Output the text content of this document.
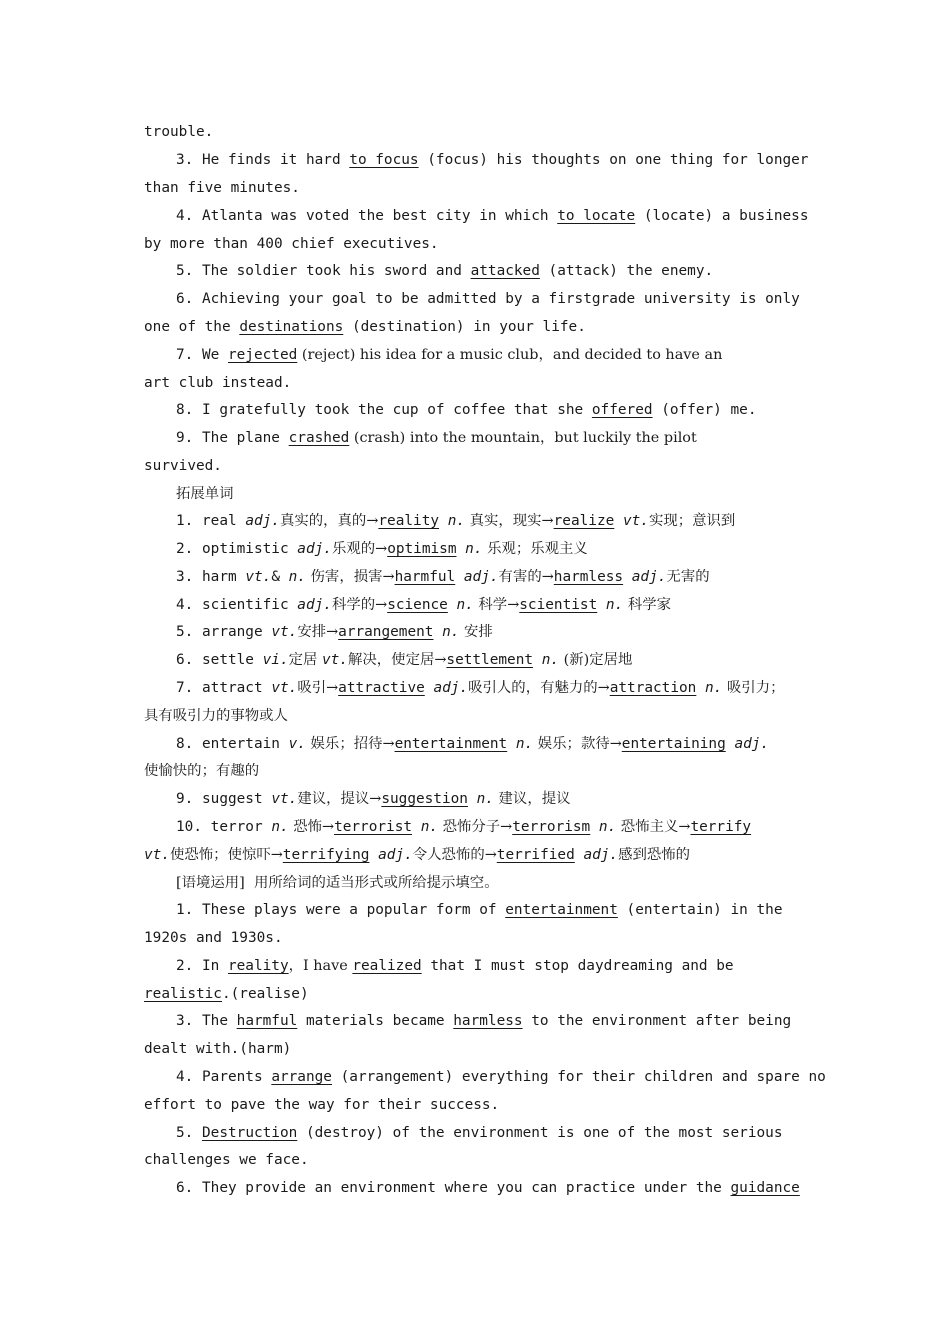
trouble.
3. He finds it hard to focus (focus) his thoughts on one thing for longer
than five minutes.
4. Atlanta was voted the best city in which to locate (locate) a business
by more than 400 chief executives.
5. The soldier took his sword and attacked (attack) the enemy.
6. Achieving your goal to be admitted by a firstgrade university is only
one of the destinations (destination) in your life.
7. We rejected (reject) his idea for a music club，and decided to have an
art club instead.
8. I gratefully took the cup of coffee that she offered (offer) me.
9. The plane crashed (crash) into the mountain，but luckily the pilot
survived.
拓展单词
1. real adj.真实的，真的→reality n. 真实，现实→realize vt.实现；意识到
2. optimistic adj.乐观的→optimism n. 乐观；乐观主义
3. harm vt.& n. 伤害，损害→harmful adj.有害的→harmless adj.无害的
4. scientific adj.科学的→science n. 科学→scientist n. 科学家
5. arrange vt.安排→arrangement n. 安排
6. settle vi.定居 vt.解决，使定居→settlement n. (新)定居地
7. attract vt.吸引→attractive adj.吸引人的，有魅力的→attraction n. 吸引力；
具有吸引力的事物或人
8. entertain v. 娱乐；招待→entertainment n. 娱乐；款待→entertaining adj.
使愉快的；有趣的
9. suggest vt.建议，提议→suggestion n. 建议，提议
10. terror n. 恐怖→terrorist n. 恐怖分子→terrorism n. 恐怖主义→terrify
vt.使恐怖；使惊吓→terrifying adj.令人恐怖的→terrified adj.感到恐怖的
[语境运用]  用所给词的适当形式或所给提示填空。
1. These plays were a popular form of entertainment (entertain) in the
1920s and 1930s.
2. In reality，I have realized that I must stop daydreaming and be
realistic.(realise)
3. The harmful materials became harmless to the environment after being
dealt with.(harm)
4. Parents arrange (arrangement) everything for their children and spare no
effort to pave the way for their success.
5. Destruction (destroy) of the environment is one of the most serious
challenges we face.
6. They provide an environment where you can practice under the guidance
